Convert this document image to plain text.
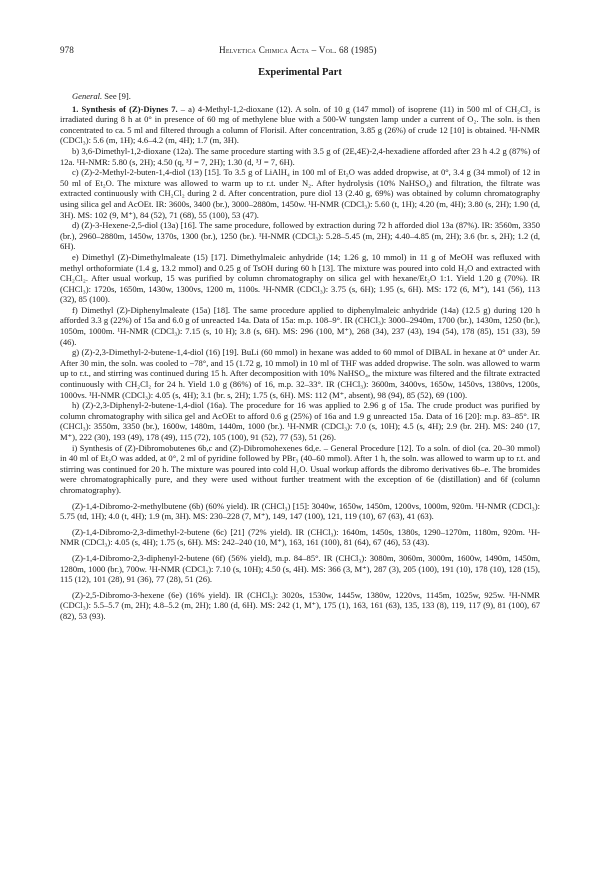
978	Helvetica Chimica Acta – Vol. 68 (1985)
Experimental Part

General. See [9].

1. Synthesis of (Z)-Diynes 7. – a) 4-Methyl-1,2-dioxane (12). A soln. of 10 g (147 mmol) of isoprene (11) in 500 ml of CH₂Cl₂ is irradiated during 8 h at 0° in presence of 60 mg of methylene blue with a 500-W tungsten lamp under a current of O₂. The soln. is then concentrated to ca. 5 ml and filtered through a column of Florisil. After concentration, 3.85 g (26%) of crude 12 [10] is obtained. ¹H-NMR (CDCl₃): 5.6 (m, 1H); 4.6–4.2 (m, 4H); 1.7 (m, 3H).

b) 3,6-Dimethyl-1,2-dioxane (12a). The same procedure starting with 3.5 g of (2E,4E)-2,4-hexadiene afforded after 23 h 4.2 g (87%) of 12a. ¹H-NMR: 5.80 (s, 2H); 4.50 (q, ³J = 7, 2H); 1.30 (d, ³J = 7, 6H).

c) (Z)-2-Methyl-2-buten-1,4-diol (13) [15]. To 3.5 g of LiAlH₄ in 100 ml of Et₂O was added dropwise, at 0°, 3.4 g (34 mmol) of 12 in 50 ml of Et₂O. The mixture was allowed to warm up to r.t. under N₂. After hydrolysis (10% NaHSO₄) and filtration, the filtrate was extracted continuously with CH₂Cl₂ during 2 d. After concentration, pure diol 13 (2.40 g, 69%) was obtained by column chromatography using silica gel and AcOEt. IR: 3600s, 3400 (br.), 3000–2880m, 1450w. ¹H-NMR (CDCl₃): 5.60 (t, 1H); 4.20 (m, 4H); 3.80 (s, 2H); 1.90 (d, 3H). MS: 102 (9, M⁺), 84 (52), 71 (68), 55 (100), 53 (47).

d) (Z)-3-Hexene-2,5-diol (13a) [16]. The same procedure, followed by extraction during 72 h afforded diol 13a (87%). IR: 3560m, 3350 (br.), 2960–2880m, 1450w, 1370s, 1300 (br.), 1250 (br.). ¹H-NMR (CDCl₃): 5.28–5.45 (m, 2H); 4.40–4.85 (m, 2H); 3.6 (br. s, 2H); 1.2 (d, 6H).

e) Dimethyl (Z)-Dimethylmaleate (15) [17]. Dimethylmaleic anhydride (14; 1.26 g, 10 mmol) in 11 g of MeOH was refluxed with methyl orthoformiate (1.4 g, 13.2 mmol) and 0.25 g of TsOH during 60 h [13]. The mixture was poured into cold H₂O and extracted with CH₂Cl₂. After usual workup, 15 was purified by column chromatography on silica gel with hexane/Et₂O 1:1. Yield 1.20 g (70%). IR (CHCl₃): 1720s, 1650m, 1430w, 1300vs, 1200 m, 1100s. ¹H-NMR (CDCl₃): 3.75 (s, 6H); 1.95 (s, 6H). MS: 172 (6, M⁺), 141 (56), 113 (32), 85 (100).

f) Dimethyl (Z)-Diphenylmaleate (15a) [18]. The same procedure applied to diphenylmaleic anhydride (14a) (12.5 g) during 120 h afforded 3.3 g (22%) of 15a and 6.0 g of unreacted 14a. Data of 15a: m.p. 108–9°. IR (CHCl₃): 3000–2940m, 1700 (br.), 1430m, 1250 (br.), 1050m, 1000m. ¹H-NMR (CDCl₃): 7.15 (s, 10 H); 3.8 (s, 6H). MS: 296 (100, M⁺), 268 (34), 237 (43), 194 (54), 178 (85), 151 (33), 59 (46).

g) (Z)-2,3-Dimethyl-2-butene-1,4-diol (16) [19]. BuLi (60 mmol) in hexane was added to 60 mmol of DIBAL in hexane at 0° under Ar. After 30 min, the soln. was cooled to −78°, and 15 (1.72 g, 10 mmol) in 10 ml of THF was added dropwise. The soln. was allowed to warm up to r.t., and stirring was continued during 15 h. After decomposition with 10% NaHSO₄, the mixture was filtered and the filtrate extracted continuously with CH₂Cl₂ for 24 h. Yield 1.0 g (86%) of 16, m.p. 32–33°. IR (CHCl₃): 3600m, 3400vs, 1650w, 1450vs, 1380vs, 1200s, 1000vs. ¹H-NMR (CDCl₃): 4.05 (s, 4H); 3.1 (br. s, 2H); 1.75 (s, 6H). MS: 112 (M⁺, absent), 98 (94), 85 (52), 69 (100).

h) (Z)-2,3-Diphenyl-2-butene-1,4-diol (16a). The procedure for 16 was applied to 2.96 g of 15a. The crude product was purified by column chromatography with silica gel and AcOEt to afford 0.6 g (25%) of 16a and 1.9 g unreacted 15a. Data of 16 [20]: m.p. 83–85°. IR (CHCl₃): 3550m, 3350 (br.), 1600w, 1480m, 1440m, 1000 (br.). ¹H-NMR (CDCl₃): 7.0 (s, 10H); 4.5 (s, 4H); 2.9 (br. 2H). MS: 240 (17, M⁺), 222 (30), 193 (49), 178 (49), 115 (72), 105 (100), 91 (52), 77 (53), 51 (26).

i) Synthesis of (Z)-Dibromobutenes 6b,c and (Z)-Dibromohexenes 6d,e. – General Procedure [12]. To a soln. of diol (ca. 20–30 mmol) in 40 ml of Et₂O was added, at 0°, 2 ml of pyridine followed by PBr₃ (40–60 mmol). After 1 h, the soln. was allowed to warm up to r.t. and stirring was continued for 20 h. The mixture was poured into cold H₂O. Usual workup affords the dibromo derivatives 6b–e. The bromides were chromatographically pure, and they were used without further treatment with the exception of 6e (distillation) and 6f (column chromatography).

(Z)-1,4-Dibromo-2-methylbutene (6b) (60% yield). IR (CHCl₃) [15]: 3040w, 1650w, 1450m, 1200vs, 1000m, 920m. ¹H-NMR (CDCl₃): 5.75 (td, 1H); 4.0 (t, 4H); 1.9 (m, 3H). MS: 230–228 (7, M⁺), 149, 147 (100), 121, 119 (10), 67 (63), 41 (63).

(Z)-1,4-Dibromo-2,3-dimethyl-2-butene (6c) [21] (72% yield). IR (CHCl₃): 1640m, 1450s, 1380s, 1290–1270m, 1180m, 920m. ¹H-NMR (CDCl₃): 4.05 (s, 4H); 1.75 (s, 6H). MS: 242–240 (10, M⁺), 163, 161 (100), 81 (64), 67 (46), 53 (43).

(Z)-1,4-Dibromo-2,3-diphenyl-2-butene (6f) (56% yield), m.p. 84–85°. IR (CHCl₃): 3080m, 3060m, 3000m, 1600w, 1490m, 1450m, 1280m, 1000 (br.), 700w. ¹H-NMR (CDCl₃): 7.10 (s, 10H); 4.50 (s, 4H). MS: 366 (3, M⁺), 287 (3), 205 (100), 191 (10), 178 (10), 128 (15), 115 (12), 101 (28), 91 (36), 77 (28), 51 (26).

(Z)-2,5-Dibromo-3-hexene (6e) (16% yield). IR (CHCl₃): 3020s, 1530w, 1445w, 1380w, 1220vs, 1145m, 1025w, 925w. ¹H-NMR (CDCl₃): 5.5–5.7 (m, 2H); 4.8–5.2 (m, 2H); 1.80 (d, 6H). MS: 242 (1, M⁺), 175 (1), 163, 161 (63), 135, 133 (8), 119, 117 (9), 81 (100), 67 (82), 53 (93).
